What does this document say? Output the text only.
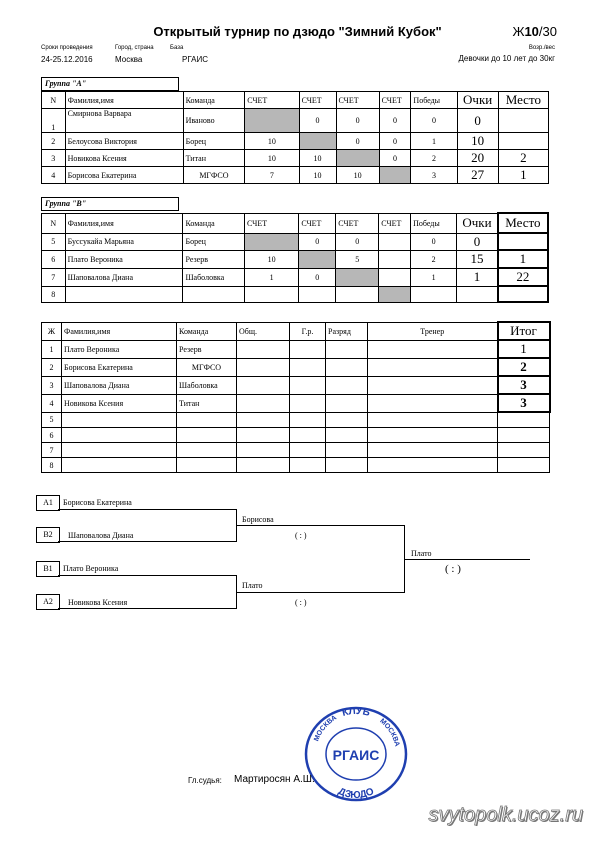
Открытый турнир по дзюдо "Зимний Кубок"	Ж10/30
Сроки проведения	Город, страна	База
24-25.12.2016	Москва	РГАИС
Возр./вес
Девочки до 10 лет до 30кг
Группа "А"
N	Фамилия,имя	Команда	СЧЕТ	СЧЕТ	СЧЕТ	СЧЕТ	Победы	Очки	Место
1	Смирнова Варвара	Иваново		0	0	0	0	0	
2	Белоусова Виктория	Борец	10		0	0	1	10	
3	Новикова Ксения	Титан	10	10		0	2	20	2
4	Борисова Екатерина	МГФСО	7	10	10		3	27	1
Группа "В"
N	Фамилия,имя	Команда	СЧЕТ	СЧЕТ	СЧЕТ	СЧЕТ	Победы	Очки	Место
5	Буссукайа Марьяна	Борец		0	0		0	0	
6	Плато Вероника	Резерв	10		5		2	15	1
7	Шаповалова Диана	Шаболовка	1	0			1	1	22
8									
Ж	Фамилия,имя	Команда	Общ.	Г.р.	Разряд	Тренер	Итог
1	Плато Вероника	Резерв					1
2	Борисова Екатерина	МГФСО					2
3	Шаповалова Диана	Шаболовка					3
4	Новикова Ксения	Титан					3
5							
6							
7							
8							
A1	Борисова Екатерина
B2	Шаповалова Диана
B1	Плато Вероника
A2	Новикова Ксения
Борисова
( : )
Плато
( : )
Плато
( : )
КЛУБ
МОСКВА	МОСКВА
РГАИС
ДЗЮДО
Гл.судья: Мартиросян А.Ш.
svytopolk.ucoz.ru
